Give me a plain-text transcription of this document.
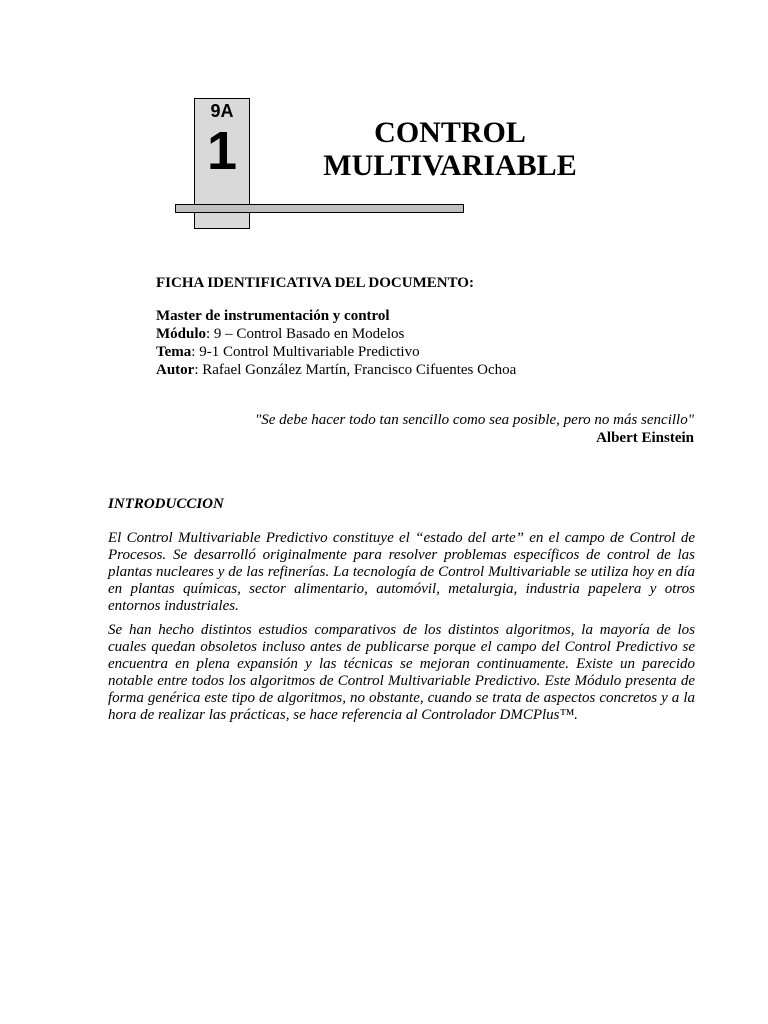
9A
1	CONTROL
MULTIVARIABLE
FICHA IDENTIFICATIVA DEL DOCUMENTO:
Master de instrumentación y control
Módulo: 9 – Control Basado en Modelos
Tema: 9-1 Control Multivariable Predictivo
Autor: Rafael González Martín, Francisco Cifuentes Ochoa
"Se debe hacer todo tan sencillo como sea posible, pero no más sencillo"
Albert Einstein
INTRODUCCION
El Control Multivariable Predictivo constituye el “estado del arte” en el campo de Control de Procesos. Se desarrolló originalmente para resolver problemas específicos de control de las plantas nucleares y de las refinerías. La tecnología de Control Multivariable se utiliza hoy en día en plantas químicas, sector alimentario, automóvil, metalurgia, industria papelera y otros entornos industriales.
Se han hecho distintos estudios comparativos de los distintos algoritmos, la mayoría de los cuales quedan obsoletos incluso antes de publicarse porque el campo del Control Predictivo se encuentra en plena expansión y las técnicas se mejoran continuamente. Existe un parecido notable entre todos los algoritmos de Control Multivariable Predictivo. Este Módulo presenta de forma genérica este tipo de algoritmos, no obstante, cuando se trata de aspectos concretos y a la hora de realizar las prácticas, se hace referencia al Controlador DMCPlus™.
